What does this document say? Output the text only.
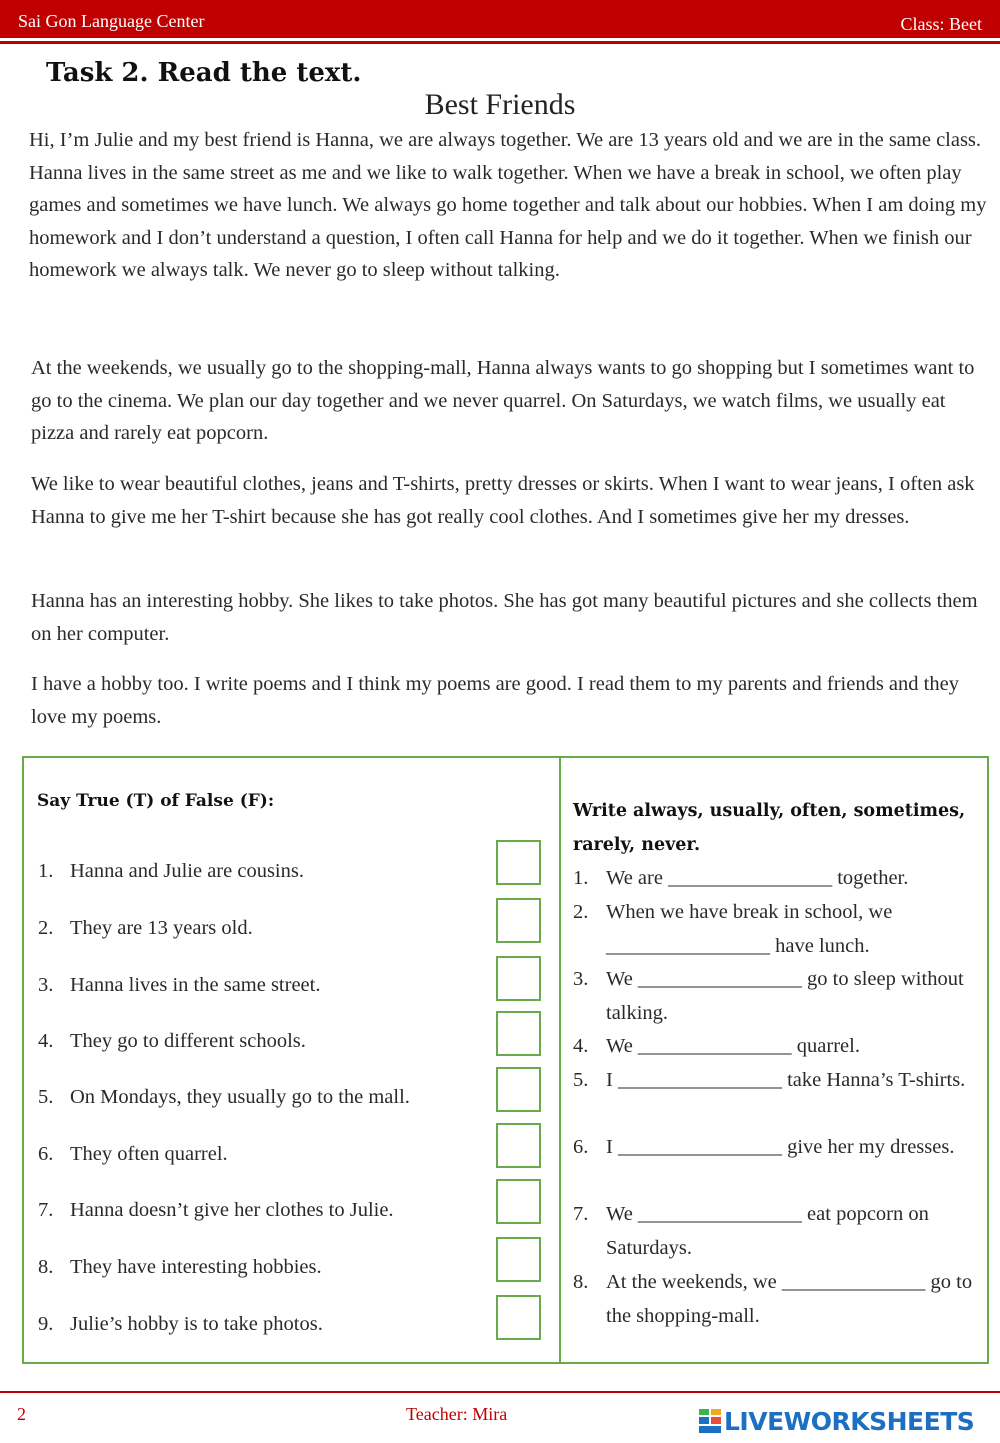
Sai Gon Language Center	Class: Beet
Task 2. Read the text.
Best Friends

Hi, I’m Julie and my best friend is Hanna, we are always together. We are 13 years old and we are in the same class. Hanna lives in the same street as me and we like to walk together. When we have a break in school, we often play games and sometimes we have lunch. We always go home together and talk about our hobbies. When I am doing my homework and I don’t understand a question, I often call Hanna for help and we do it together. When we finish our homework we always talk. We never go to sleep without talking.

At the weekends, we usually go to the shopping-mall, Hanna always wants to go shopping but I sometimes want to go to the cinema. We plan our day together and we never quarrel. On Saturdays, we watch films, we usually eat pizza and rarely eat popcorn.

We like to wear beautiful clothes, jeans and T-shirts, pretty dresses or skirts. When I want to wear jeans, I often ask Hanna to give me her T-shirt because she has got really cool clothes. And I sometimes give her my dresses.

Hanna has an interesting hobby. She likes to take photos. She has got many beautiful pictures and she collects them on her computer.

I have a hobby too. I write poems and I think my poems are good. I read them to my parents and friends and they love my poems.

Say True (T) of False (F):
1. Hanna and Julie are cousins.
2. They are 13 years old.
3. Hanna lives in the same street.
4. They go to different schools.
5. On Mondays, they usually go to the mall.
6. They often quarrel.
7. Hanna doesn’t give her clothes to Julie.
8. They have interesting hobbies.
9. Julie’s hobby is to take photos.
Write always, usually, often, sometimes, rarely, never.
1. We are ________________ together.
2. When we have break in school, we ________________ have lunch.
3. We ________________ go to sleep without talking.
4. We _______________ quarrel.
5. I ________________ take Hanna’s T-shirts.
6. I ________________ give her my dresses.
7. We ________________ eat popcorn on Saturdays.
8. At the weekends, we ______________ go to the shopping-mall.
2	Teacher: Mira	LIVEWORKSHEETS
